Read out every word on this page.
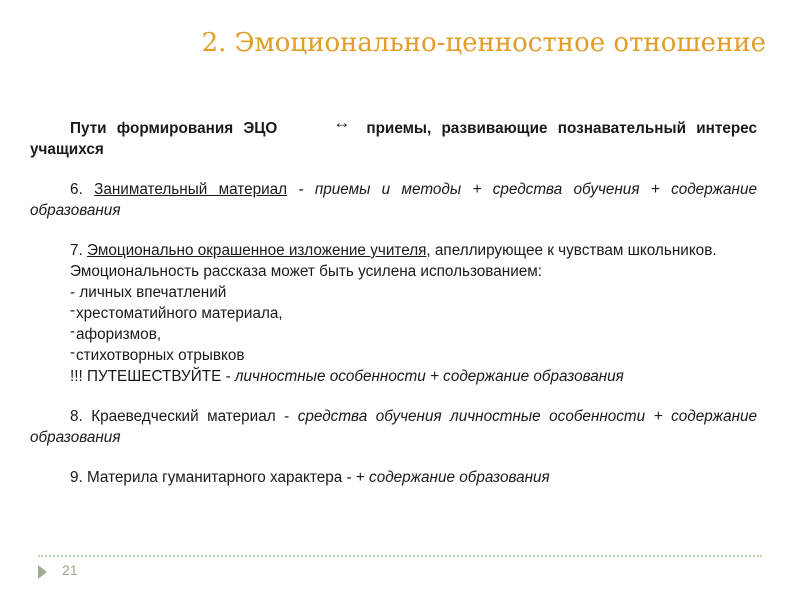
2. Эмоционально-ценностное отношение

Пути формирования ЭЦО	↔ приемы, развивающие познавательный интерес учащихся

6. Занимательный материал - приемы и методы + средства обучения + содержание образования

7. Эмоционально окрашенное изложение учителя, апеллирующее к чувствам школьников.

Эмоциональность рассказа может быть усилена использованием:

- личных впечатлений

-хрестоматийного материала,

-афоризмов,

-стихотворных отрывков

!!! ПУТЕШЕСТВУЙТЕ - личностные особенности + содержание образования

8. Краеведческий материал - средства обучения личностные особенности + содержание образования

9. Материла гуманитарного характера - + содержание образования

21
